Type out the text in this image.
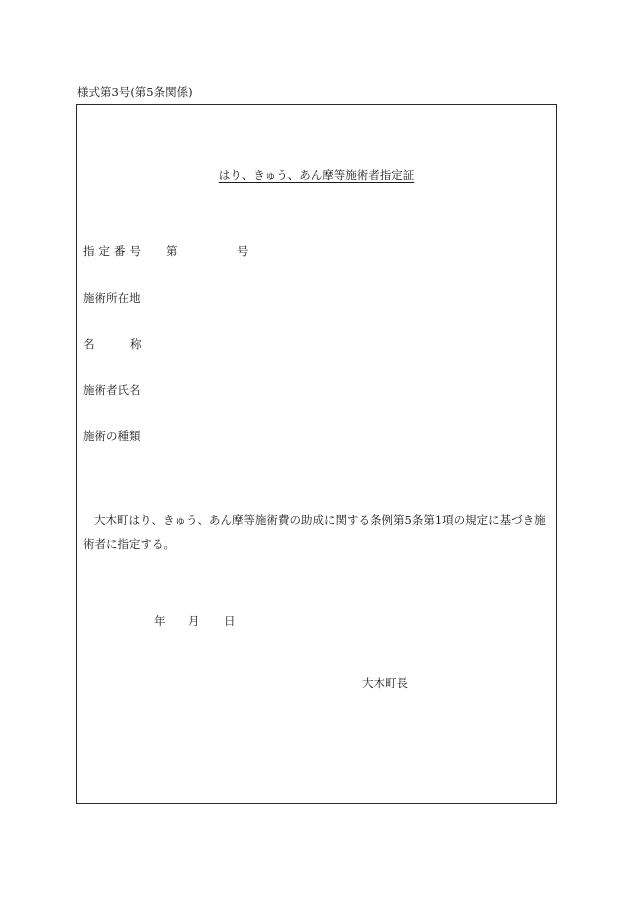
様式第3号(第5条関係)
はり、きゅう、あん摩等施術者指定証
指定番号 第	号
施術所在地
名	称
施術者氏名
施術の種類
大木町はり、きゅう、あん摩等施術費の助成に関する条例第5条第1項の規定に基づき施術者に指定する。
年 月 日
大木町長
